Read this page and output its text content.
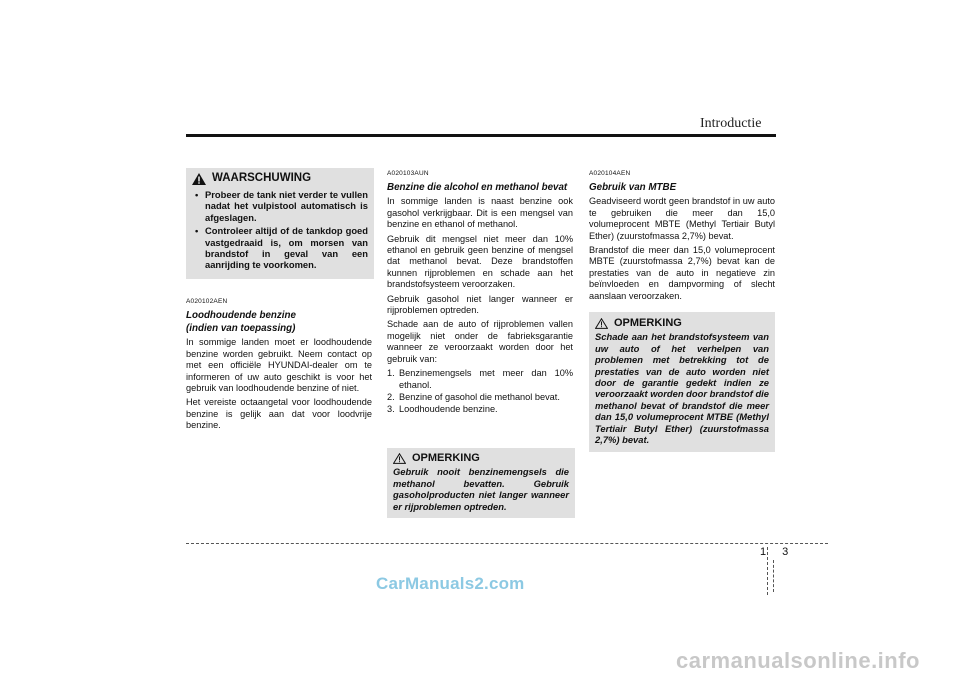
Introductie
WAARSCHUWING
• Probeer de tank niet verder te vullen nadat het vulpistool automatisch is afgeslagen.
• Controleer altijd of de tankdop goed vastgedraaid is, om morsen van brandstof in geval van een aanrijding te voorkomen.
A020102AEN
Loodhoudende benzine
(indien van toepassing)

In sommige landen moet er loodhoudende benzine worden gebruikt. Neem contact op met een officiële HYUNDAI-dealer om te informeren of uw auto geschikt is voor het gebruik van loodhoudende benzine of niet.

Het vereiste octaangetal voor loodhoudende benzine is gelijk aan dat voor loodvrije benzine.

A020103AUN
Benzine die alcohol en methanol bevat

In sommige landen is naast benzine ook gasohol verkrijgbaar. Dit is een mengsel van benzine en ethanol of methanol.

Gebruik dit mengsel niet meer dan 10% ethanol en gebruik geen benzine of mengsel dat methanol bevat. Deze brandstoffen kunnen rijproblemen en schade aan het brandstofsysteem veroorzaken.

Gebruik gasohol niet langer wanneer er rijproblemen optreden.

Schade aan de auto of rijproblemen vallen mogelijk niet onder de fabrieksgarantie wanneer ze veroorzaakt worden door het gebruik van:

1. Benzinemengsels met meer dan 10% ethanol.
2. Benzine of gasohol die methanol bevat.
3. Loodhoudende benzine.
OPMERKING
Gebruik nooit benzinemengsels die methanol bevatten. Gebruik gasoholproducten niet langer wanneer er rijproblemen optreden.
A020104AEN
Gebruik van MTBE

Geadviseerd wordt geen brandstof in uw auto te gebruiken die meer dan 15,0 volumeprocent MBTE (Methyl Tertiair Butyl Ether) (zuurstofmassa 2,7%) bevat.

Brandstof die meer dan 15,0 volumeprocent MBTE (zuurstofmassa 2,7%) bevat kan de prestaties van de auto in negatieve zin beïnvloeden en dampvorming of slecht aanslaan veroorzaken.

OPMERKING
Schade aan het brandstofsysteem van uw auto of het verhelpen van problemen met betrekking tot de prestaties van de auto worden niet door de garantie gedekt indien ze veroorzaakt worden door brandstof die methanol bevat of brandstof die meer dan 15,0 volumeprocent MTBE (Methyl Tertiair Butyl Ether) (zuurstofmassa 2,7%) bevat.
1 3
CarManuals2.com
carmanualsonline.info
